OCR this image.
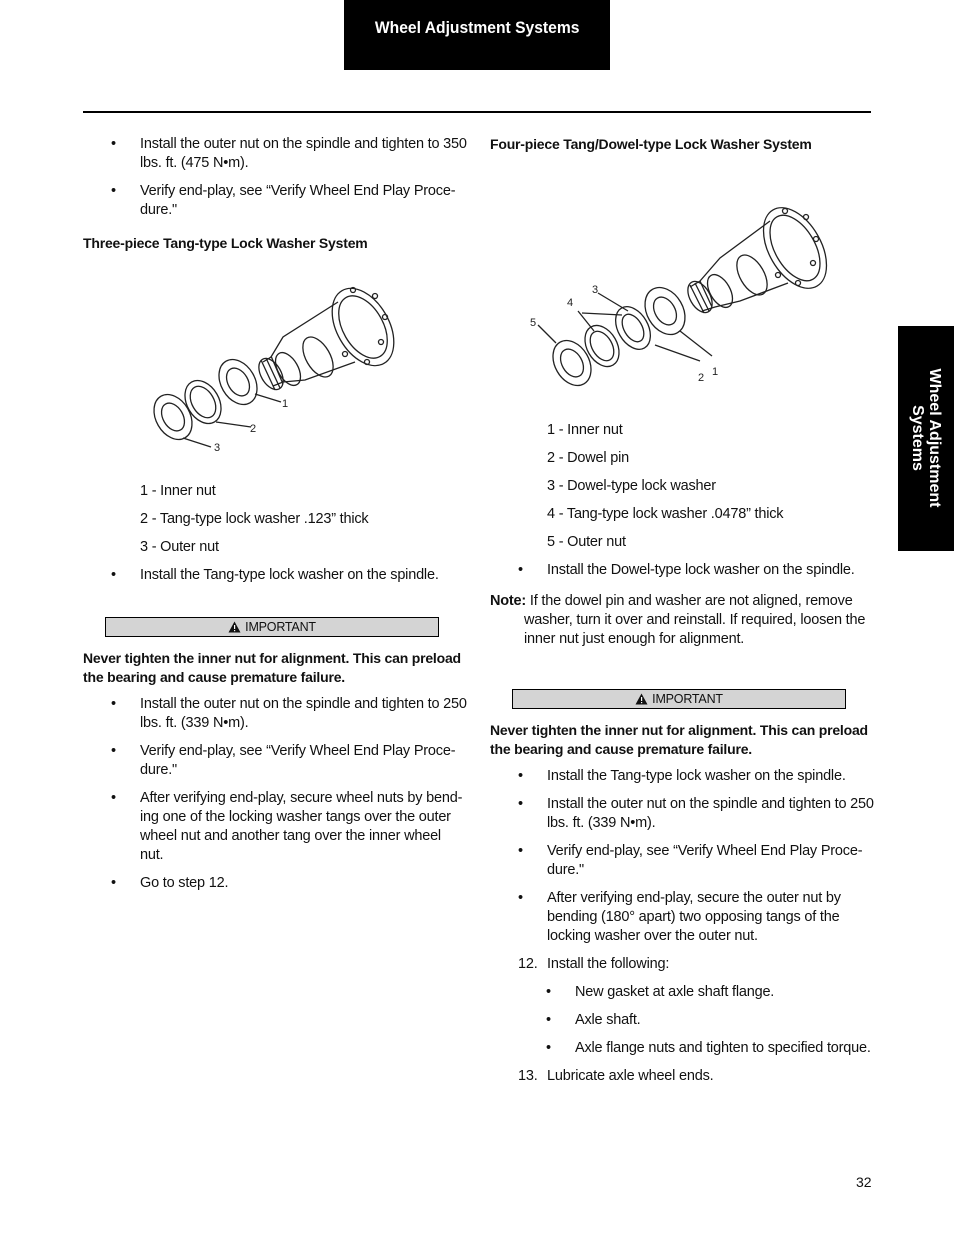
Wheel Adjustment Systems
Wheel Adjustment
Systems
• Install the outer nut on the spindle and tighten to 350 lbs. ft. (475 N•m).
• Verify end-play, see “Verify Wheel End Play Proce-dure."
Three-piece Tang-type Lock Washer System
1
2
3
1 - Inner nut
2 - Tang-type lock washer .123” thick
3 - Outer nut
• Install the Tang-type lock washer on the spindle.
IMPORTANT
Never tighten the inner nut for alignment. This can preload the bearing and cause premature failure.
• Install the outer nut on the spindle and tighten to 250 lbs. ft. (339 N•m).
• Verify end-play, see “Verify Wheel End Play Proce-dure."
• After verifying end-play, secure wheel nuts by bend-ing one of the locking washer tangs over the outer wheel nut and another tang over the inner wheel nut.
• Go to step 12.
Four-piece Tang/Dowel-type Lock Washer System
1
2
3
4
5
1 - Inner nut
2 - Dowel pin
3 - Dowel-type lock washer
4 - Tang-type lock washer .0478” thick
5 - Outer nut
• Install the Dowel-type lock washer on the spindle.
Note: If the dowel pin and washer are not aligned, remove washer, turn it over and reinstall. If required, loosen the inner nut just enough for alignment.
IMPORTANT
Never tighten the inner nut for alignment. This can preload the bearing and cause premature failure.
• Install the Tang-type lock washer on the spindle.
• Install the outer nut on the spindle and tighten to 250 lbs. ft. (339 N•m).
• Verify end-play, see “Verify Wheel End Play Proce-dure."
• After verifying end-play, secure the outer nut by bending (180° apart) two opposing tangs of the locking washer over the outer nut.
12. Install the following:
• New gasket at axle shaft flange.
• Axle shaft.
• Axle flange nuts and tighten to specified torque.
13. Lubricate axle wheel ends.
32
